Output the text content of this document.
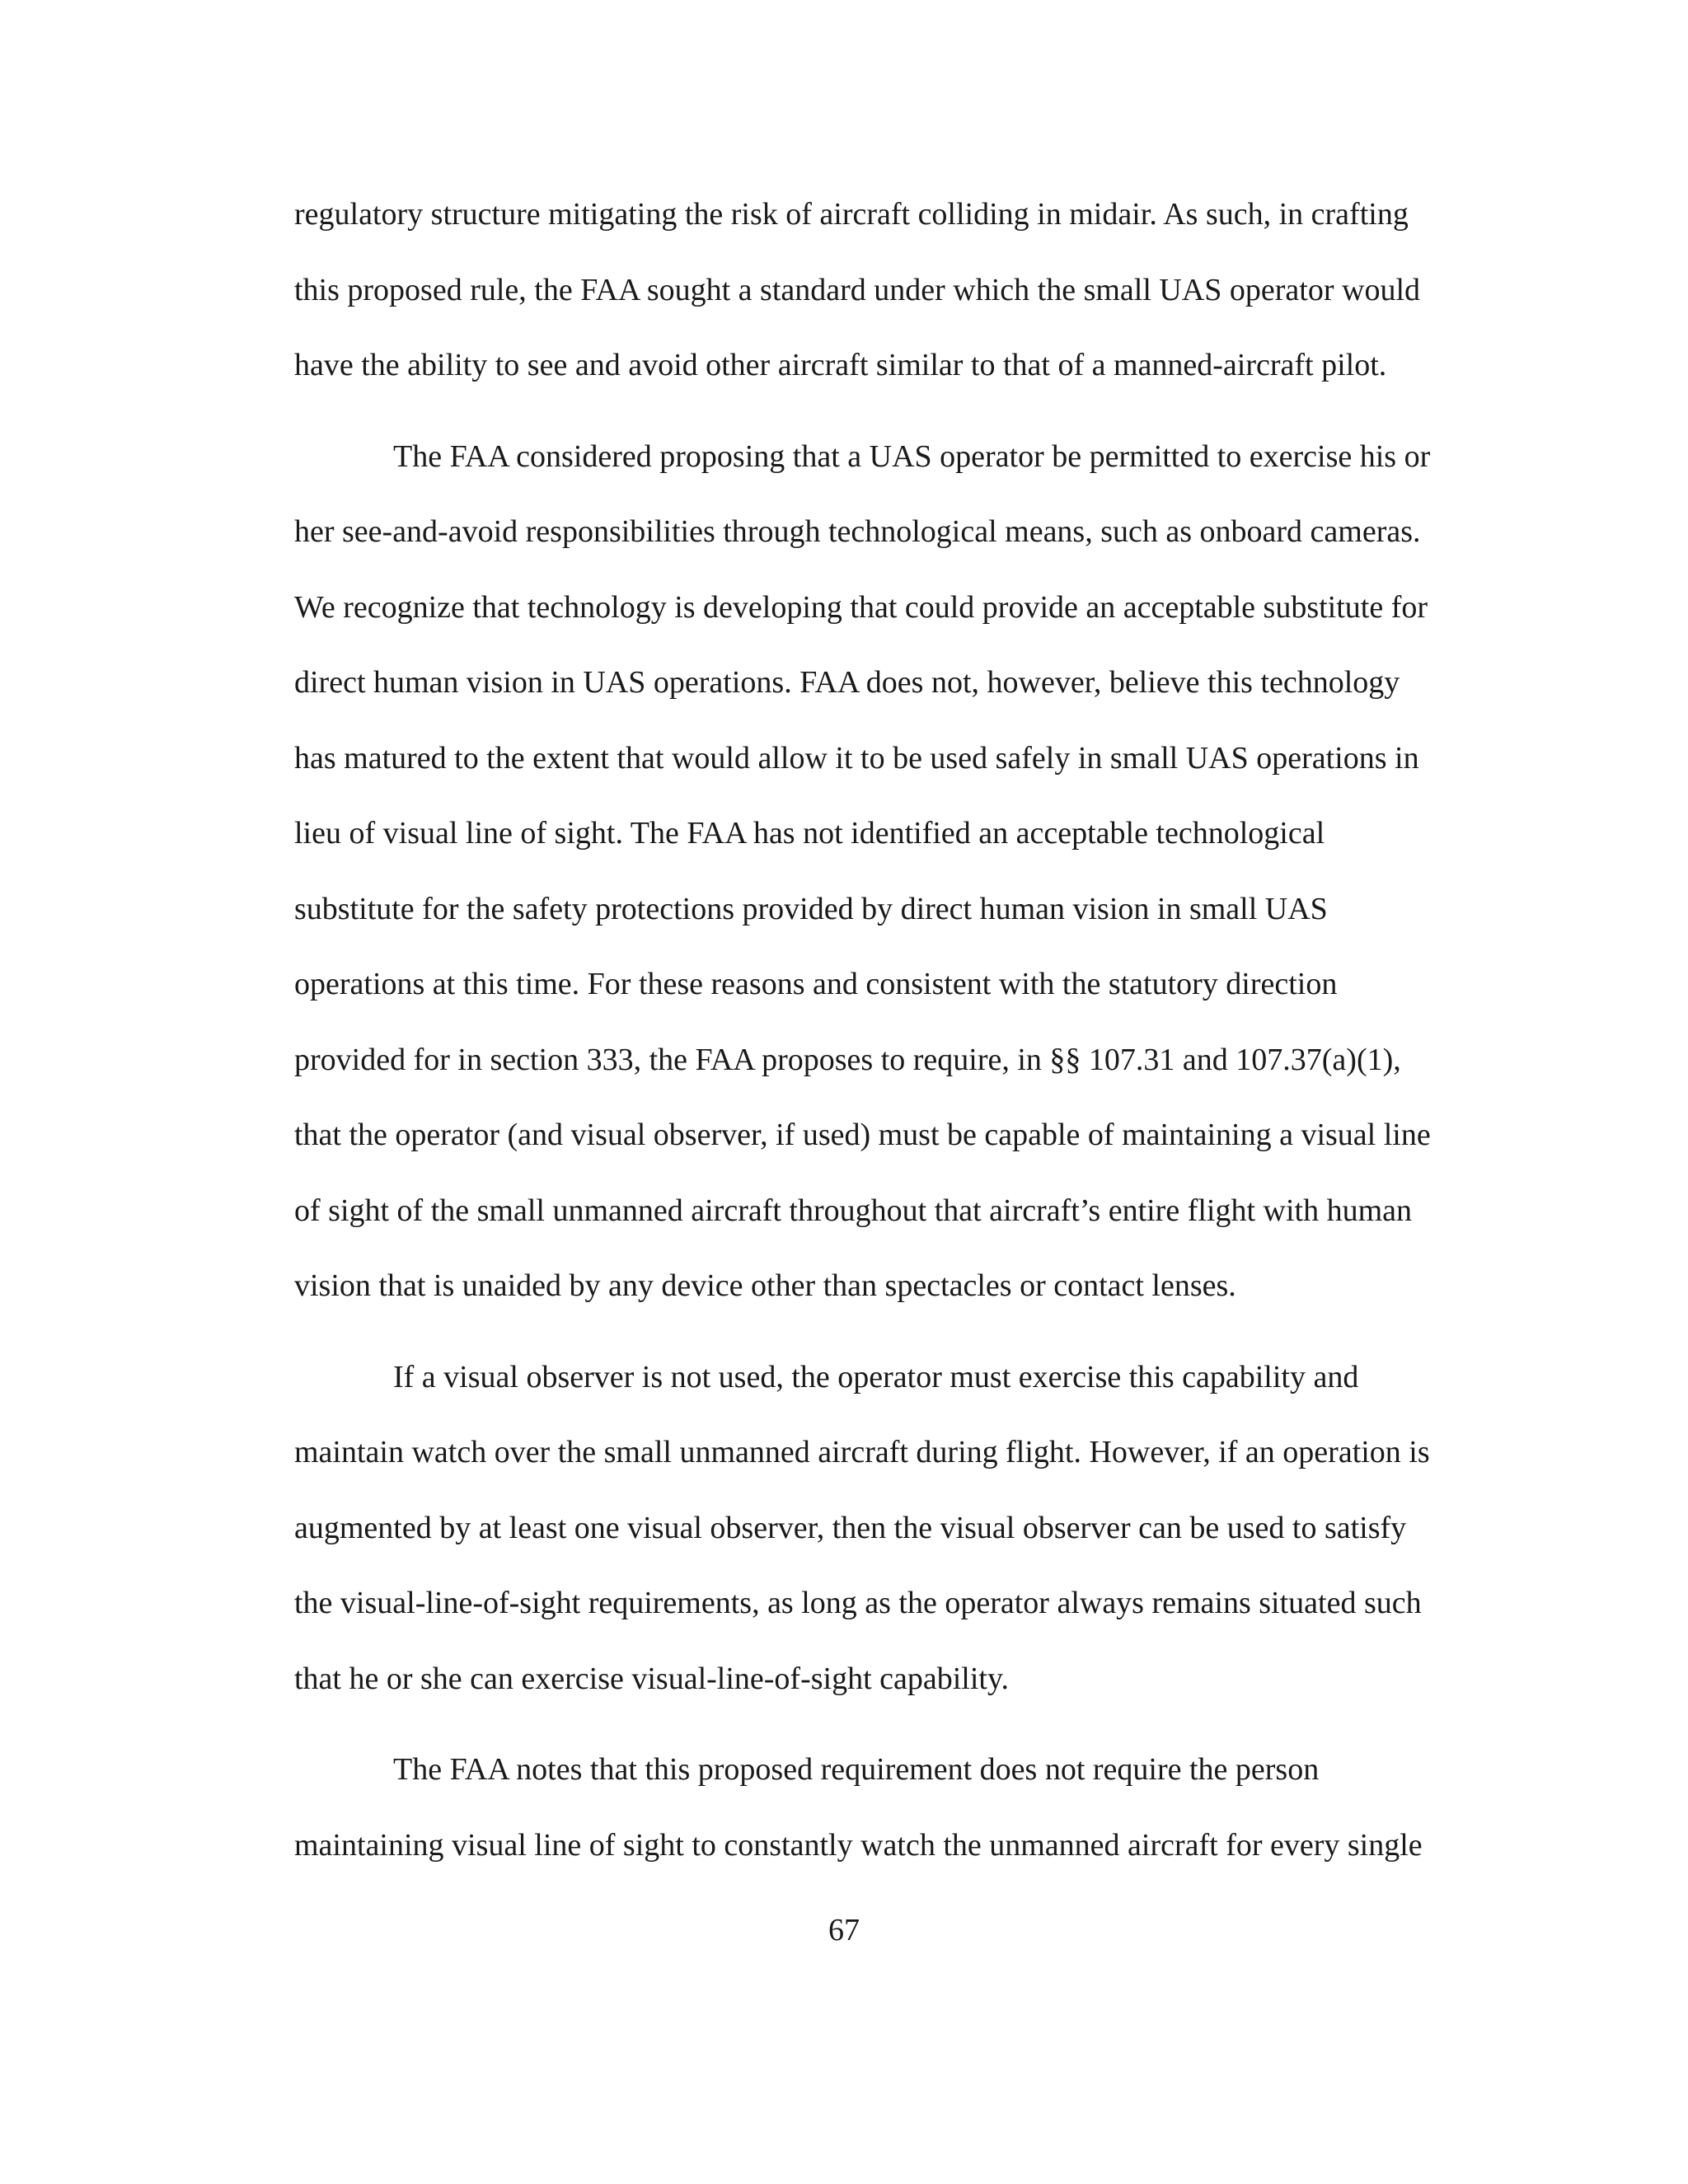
regulatory structure mitigating the risk of aircraft colliding in midair. As such, in crafting
this proposed rule, the FAA sought a standard under which the small UAS operator would
have the ability to see and avoid other aircraft similar to that of a manned-aircraft pilot.
The FAA considered proposing that a UAS operator be permitted to exercise his or
her see-and-avoid responsibilities through technological means, such as onboard cameras.
We recognize that technology is developing that could provide an acceptable substitute for
direct human vision in UAS operations. FAA does not, however, believe this technology
has matured to the extent that would allow it to be used safely in small UAS operations in
lieu of visual line of sight. The FAA has not identified an acceptable technological
substitute for the safety protections provided by direct human vision in small UAS
operations at this time. For these reasons and consistent with the statutory direction
provided for in section 333, the FAA proposes to require, in §§ 107.31 and 107.37(a)(1),
that the operator (and visual observer, if used) must be capable of maintaining a visual line
of sight of the small unmanned aircraft throughout that aircraft’s entire flight with human
vision that is unaided by any device other than spectacles or contact lenses.
If a visual observer is not used, the operator must exercise this capability and
maintain watch over the small unmanned aircraft during flight. However, if an operation is
augmented by at least one visual observer, then the visual observer can be used to satisfy
the visual-line-of-sight requirements, as long as the operator always remains situated such
that he or she can exercise visual-line-of-sight capability.
The FAA notes that this proposed requirement does not require the person
maintaining visual line of sight to constantly watch the unmanned aircraft for every single
67
